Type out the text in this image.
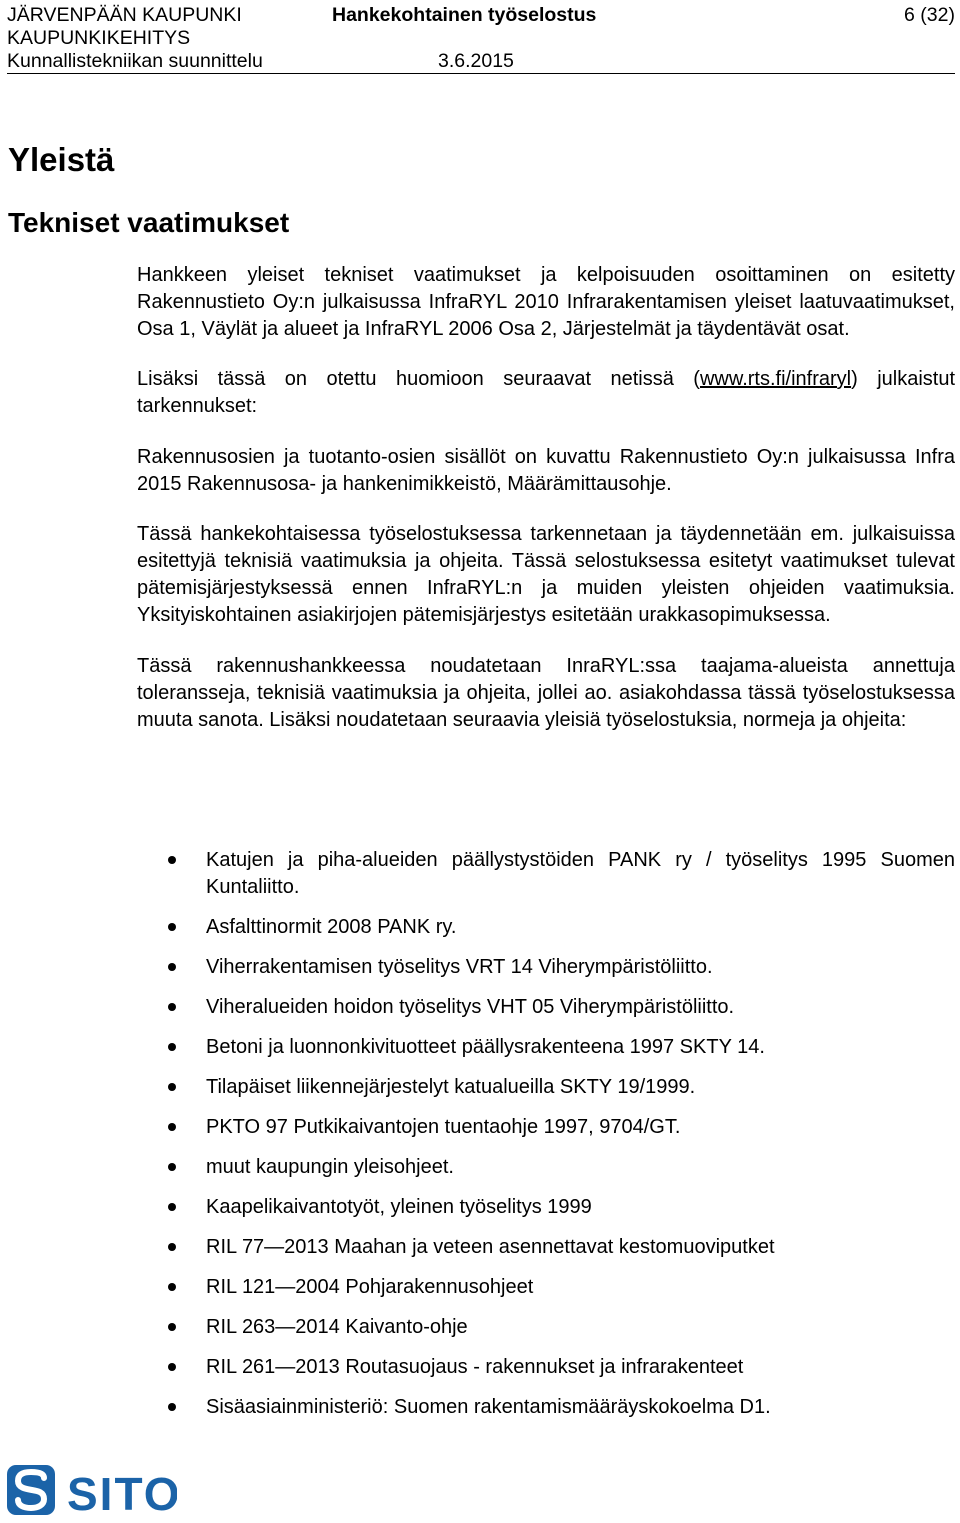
JÄRVENPÄÄN KAUPUNKI	Hankekohtainen työselostus	6 (32)
KAUPUNKIKEHITYS
Kunnallistekniikan suunnittelu	3.6.2015
Yleistä
Tekniset vaatimukset

Hankkeen yleiset tekniset vaatimukset ja kelpoisuuden osoittaminen on esitetty Rakennustieto Oy:n julkaisussa InfraRYL 2010 Infrarakentamisen yleiset laatuvaatimukset, Osa 1, Väylät ja alueet ja InfraRYL 2006 Osa 2, Järjestelmät ja täydentävät osat.

Lisäksi tässä on otettu huomioon seuraavat netissä (www.rts.fi/infraryl) julkaistut tarkennukset:

Rakennusosien ja tuotanto-osien sisällöt on kuvattu Rakennustieto Oy:n julkaisussa Infra 2015 Rakennusosa- ja hankenimikkeistö, Määrämittausohje.

Tässä hankekohtaisessa työselostuksessa tarkennetaan ja täydennetään em. julkaisuissa esitettyjä teknisiä vaatimuksia ja ohjeita. Tässä selostuksessa esitetyt vaatimukset tulevat pätemisjärjestyksessä ennen InfraRYL:n ja muiden yleisten ohjeiden vaatimuksia. Yksityiskohtainen asiakirjojen pätemisjärjestys esitetään urakkasopimuksessa.

Tässä rakennushankkeessa noudatetaan InraRYL:ssa taajama-alueista annettuja toleransseja, teknisiä vaatimuksia ja ohjeita, jollei ao. asiakohdassa tässä työselostuksessa muuta sanota. Lisäksi noudatetaan seuraavia yleisiä työselostuksia, normeja ja ohjeita:

Katujen ja piha-alueiden päällystystöiden PANK ry / työselitys 1995 Suomen Kuntaliitto.
Asfalttinormit 2008 PANK ry.
Viherrakentamisen työselitys VRT 14 Viherympäristöliitto.
Viheralueiden hoidon työselitys VHT 05 Viherympäristöliitto.
Betoni ja luonnonkivituotteet päällysrakenteena 1997 SKTY 14.
Tilapäiset liikennejärjestelyt katualueilla SKTY 19/1999.
PKTO 97 Putkikaivantojen tuentaohje 1997, 9704/GT.
muut kaupungin yleisohjeet.
Kaapelikaivantotyöt, yleinen työselitys 1999
RIL 77—2013 Maahan ja veteen asennettavat kestomuoviputket
RIL 121—2004 Pohjarakennusohjeet
RIL 263—2014 Kaivanto-ohje
RIL 261—2013 Routasuojaus - rakennukset ja infrarakenteet
Sisäasiainministeriö: Suomen rakentamismääräyskokoelma D1.
SITO
